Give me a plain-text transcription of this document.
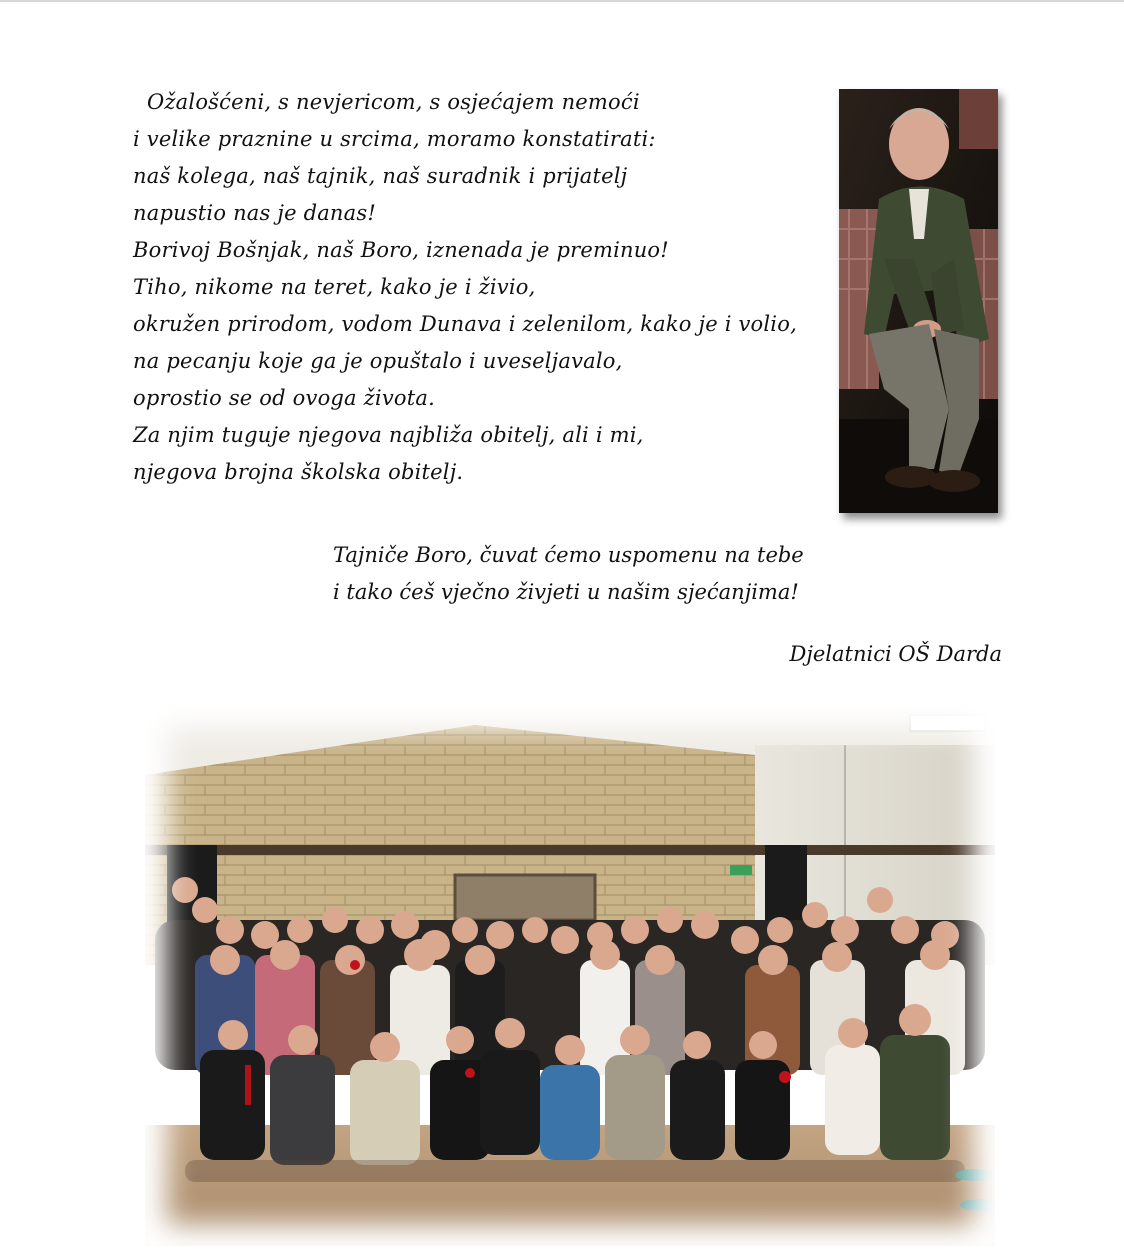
Ožalošćeni, s nevjericom, s osjećajem nemoći
i velike praznine u srcima, moramo konstatirati:
naš kolega, naš tajnik, naš suradnik i prijatelj
napustio nas je danas!
Borivoj Bošnjak, naš Boro, iznenada je preminuo!
Tiho, nikome na teret, kako je i živio,
okružen prirodom, vodom Dunava i zelenilom, kako je i volio,
na pecanju koje ga je opuštalo i uveseljavalo,
oprostio se od ovoga života.
Za njim tuguje njegova najbliža obitelj, ali i mi,
njegova brojna školska obitelj.
Tajniče Boro, čuvat ćemo uspomenu na tebe
i tako ćeš vječno živjeti u našim sjećanjima!
Djelatnici OŠ Darda
